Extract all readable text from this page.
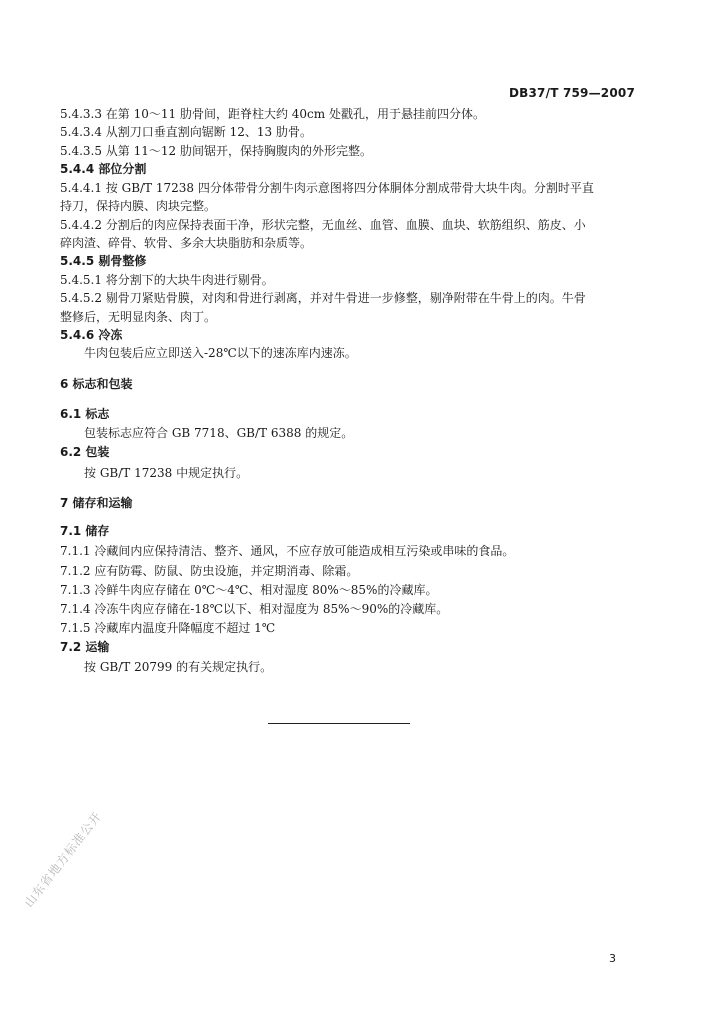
DB37/T 759—2007
5.4.3.3 在第 10～11 肋骨间，距脊柱大约 40cm 处戳孔，用于悬挂前四分体。
5.4.3.4 从割刀口垂直割向锯断 12、13 肋骨。
5.4.3.5 从第 11～12 肋间锯开，保持胸腹肉的外形完整。
5.4.4 部位分割
5.4.4.1 按 GB/T 17238 四分体带骨分割牛肉示意图将四分体胴体分割成带骨大块牛肉。分割时平直
持刀，保持内膜、肉块完整。
5.4.4.2 分割后的肉应保持表面干净，形状完整，无血丝、血管、血膜、血块、软筋组织、筋皮、小
碎肉渣、碎骨、软骨、多余大块脂肪和杂质等。
5.4.5 剔骨整修
5.4.5.1 将分割下的大块牛肉进行剔骨。
5.4.5.2 剔骨刀紧贴骨膜，对肉和骨进行剥离，并对牛骨进一步修整，剔净附带在牛骨上的肉。牛骨
整修后，无明显肉条、肉丁。
5.4.6 冷冻
牛肉包装后应立即送入-28℃以下的速冻库内速冻。
6 标志和包装
6.1 标志
包装标志应符合 GB 7718、GB/T 6388 的规定。
6.2 包装
按 GB/T 17238 中规定执行。
7 储存和运输
7.1 储存
7.1.1 冷藏间内应保持清洁、整齐、通风，不应存放可能造成相互污染或串味的食品。
7.1.2 应有防霉、防鼠、防虫设施，并定期消毒、除霜。
7.1.3 冷鲜牛肉应存储在 0℃～4℃、相对湿度 80%～85%的冷藏库。
7.1.4 冷冻牛肉应存储在-18℃以下、相对湿度为 85%～90%的冷藏库。
7.1.5 冷藏库内温度升降幅度不超过 1℃
7.2 运输
按 GB/T 20799 的有关规定执行。
3
山东省地方标准公开
